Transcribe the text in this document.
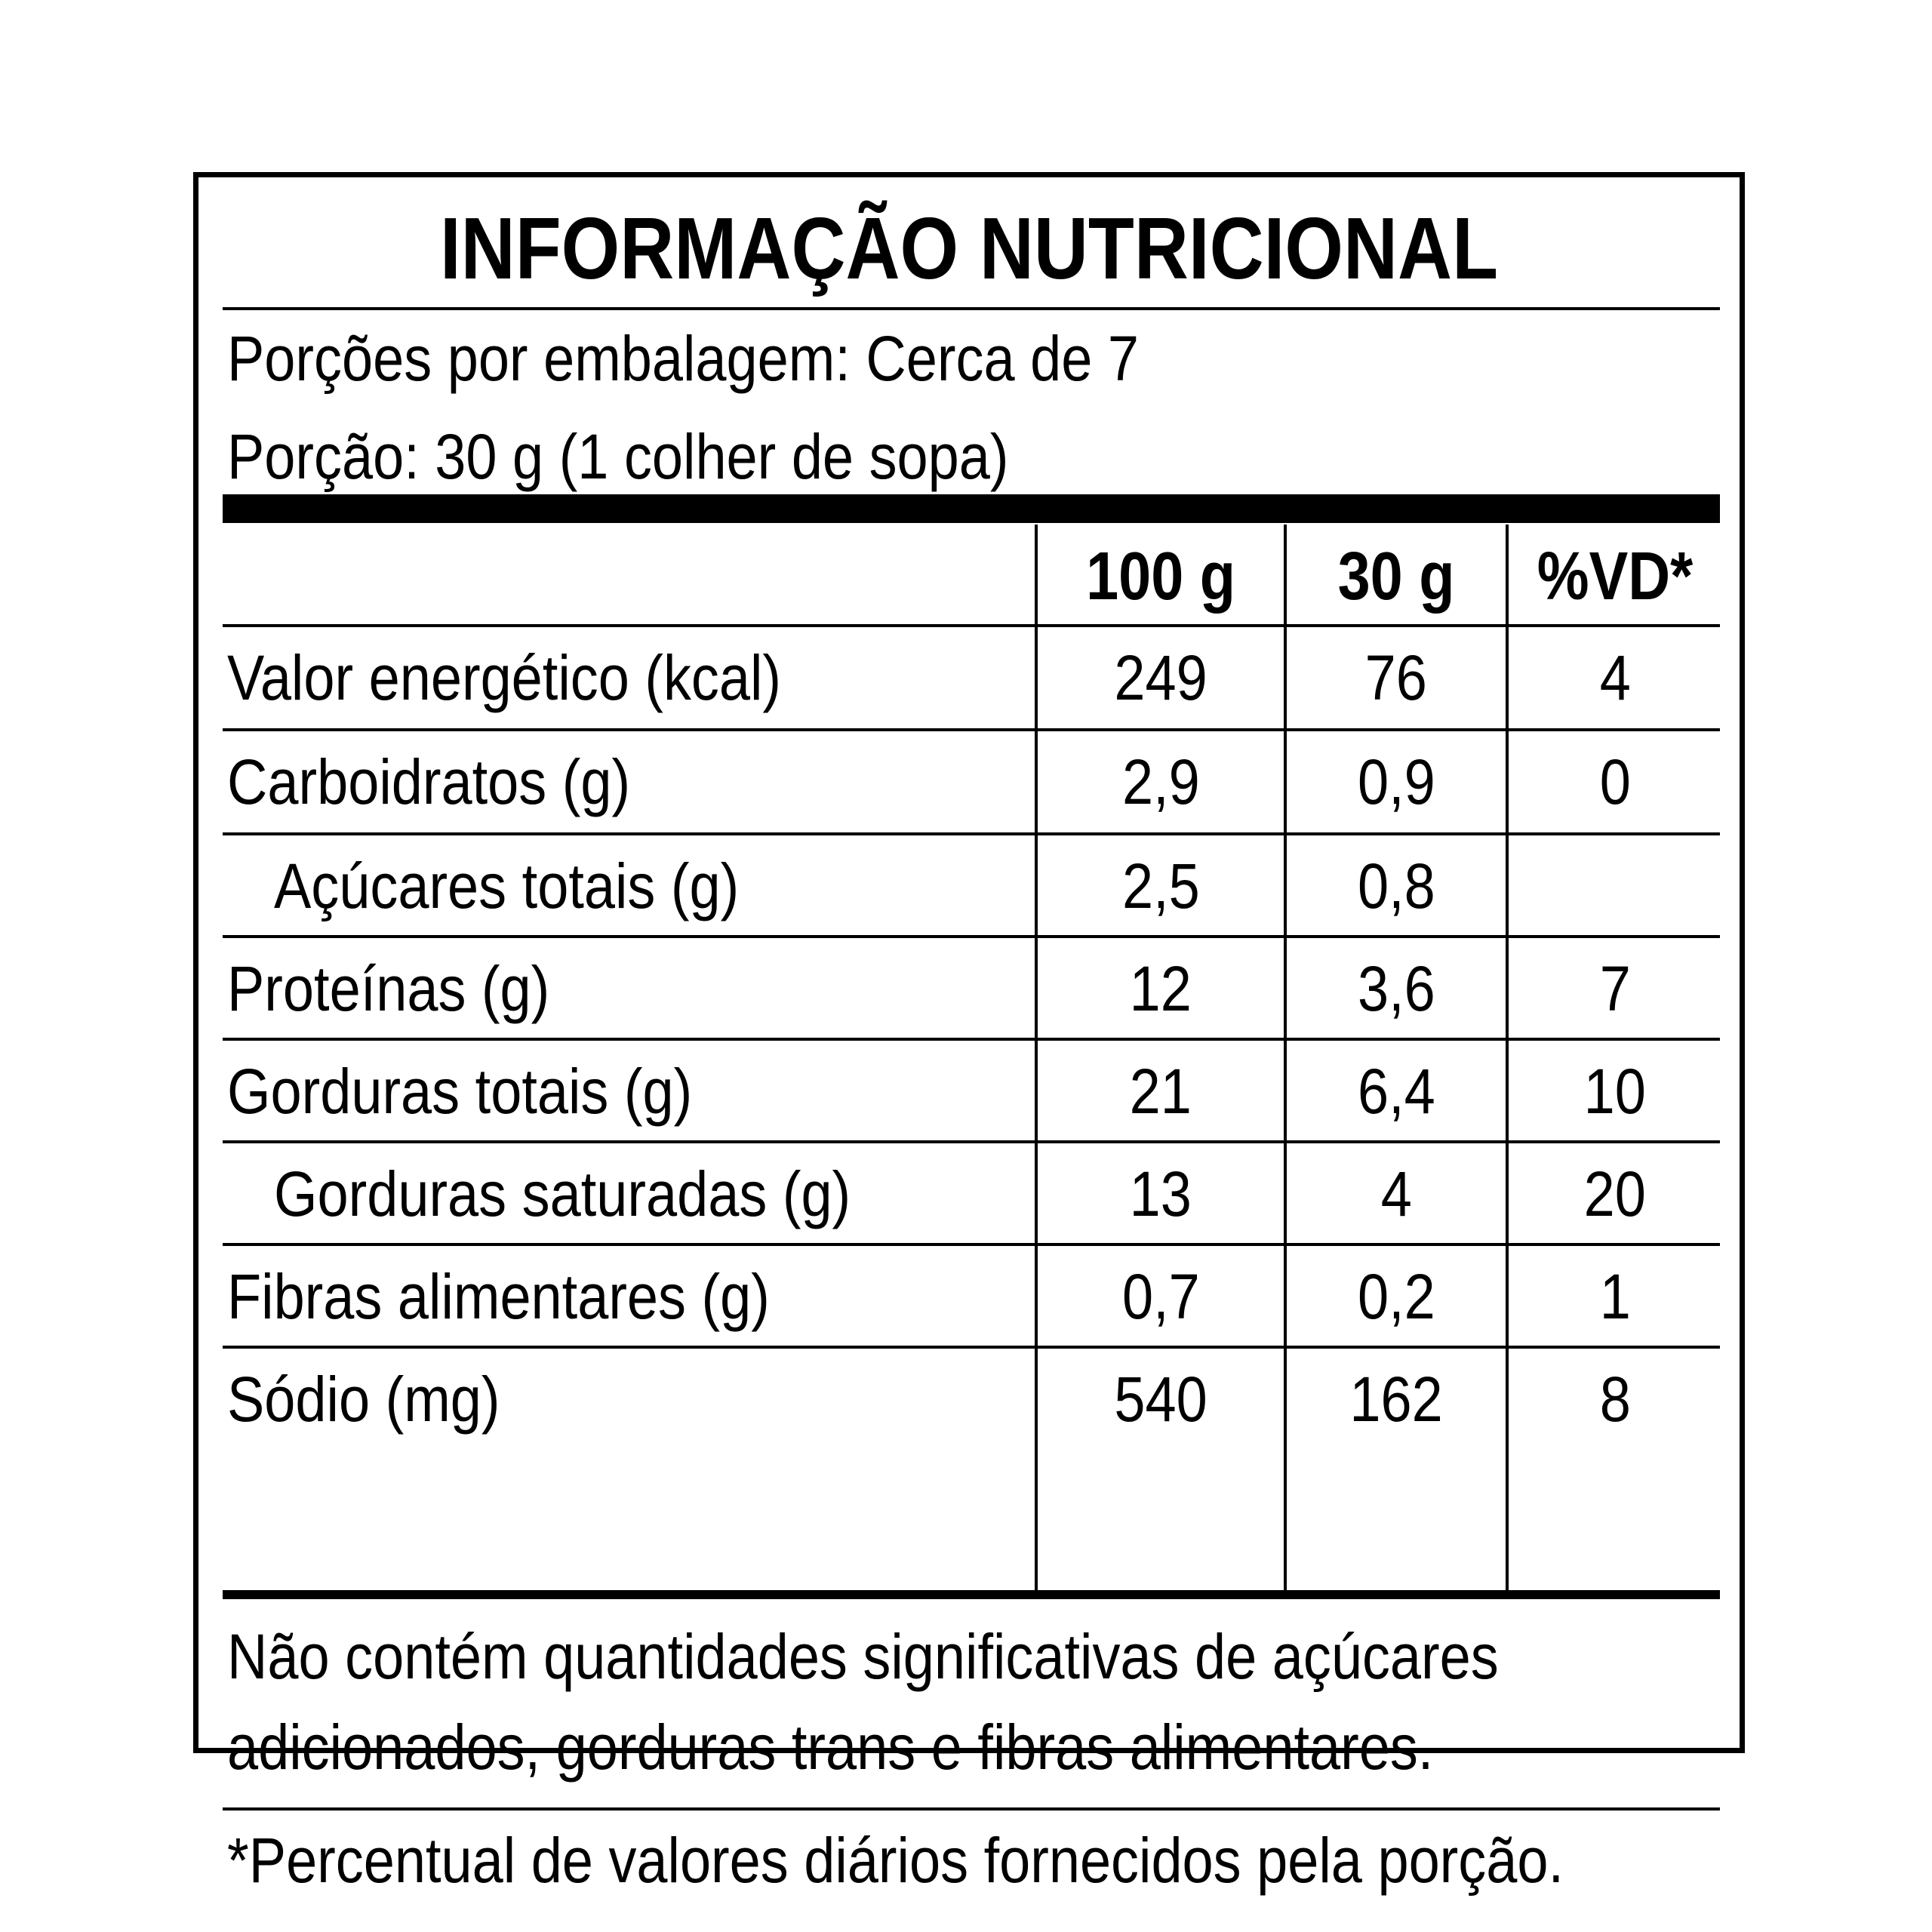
INFORMAÇÃO NUTRICIONAL
Porções por embalagem: Cerca de 7
Porção: 30 g (1 colher de sopa)
100 g	30 g	%VD*
Valor energético (kcal)	249	76	4
Carboidratos (g)	2,9	0,9	0
Açúcares totais (g)	2,5	0,8
Proteínas (g)	12	3,6	7
Gorduras totais (g)	21	6,4	10
Gorduras saturadas (g)	13	4	20
Fibras alimentares (g)	0,7	0,2	1
Sódio (mg)	540	162	8
Não contém quantidades significativas de açúcares
adicionados, gorduras trans e fibras alimentares.
*Percentual de valores diários fornecidos pela porção.
